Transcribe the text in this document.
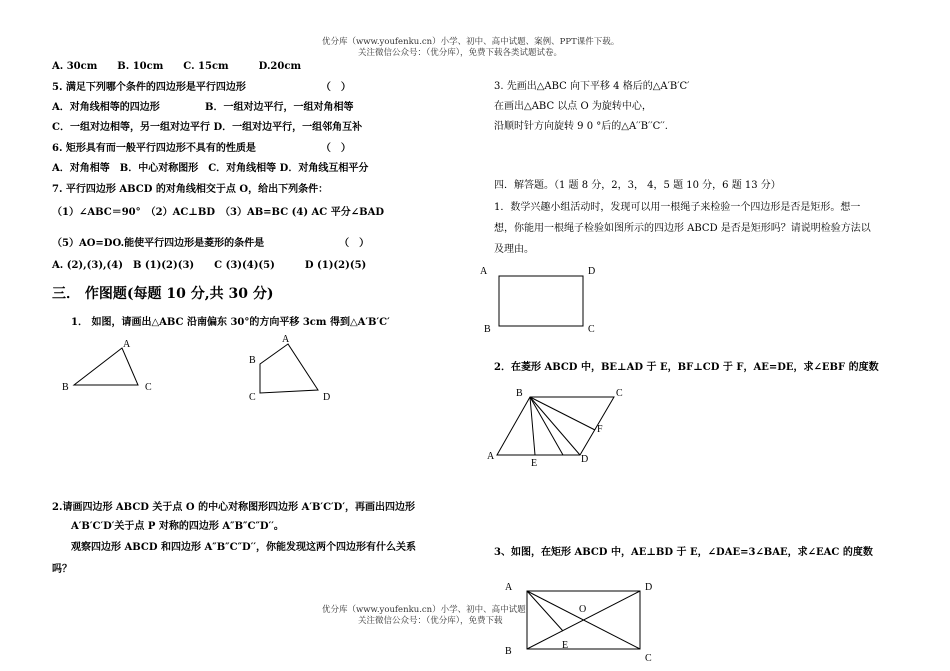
优分库（www.youfenku.cn）小学、初中、高中试题、案例、PPT课件下载。
关注微信公众号：（优分库），免费下载各类试题试卷。
A. 30cm　　B. 10cm　　C. 15cm　　　D.20cm
5. 满足下列哪个条件的四边形是平行四边形　　　　　　　　（　）
A．对角线相等的四边形	B．一组对边平行，一组对角相等
C．一组对边相等，另一组对边平行 D．一组对边平行，一组邻角互补
6. 矩形具有而一般平行四边形不具有的性质是　　　　　　　（　）
A．对角相等　B．中心对称图形　C．对角线相等 D．对角线互相平分
7. 平行四边形 ABCD 的对角线相交于点 O，给出下列条件：
（1）∠ABC＝90°　（2）AC⊥BD　（3）AB=BC (4) AC 平分∠BAD
（5）AO=DO.能使平行四边形是菱形的条件是　　　　　　　　（　）
A. (2),(3),(4)　B (1)(2)(3)　　C (3)(4)(5)　　　D (1)(2)(5)
三． 作图题(每题 10 分,共 30 分)
1． 如图，请画出△ABC 沿南偏东 30°的方向平移 3cm 得到△A′B′C′
A
B	C
A
B
C	D
2.请画四边形 ABCD 关于点 O 的中心对称图形四边形 A′B′C′D′，再画出四边形
A′B′C′D′关于点 P 对称的四边形 A″B″C″D′′。
观察四边形 ABCD 和四边形 A″B″C″D′′，你能发现这两个四边形有什么关系
吗？
3. 先画出△ABC 向下平移 4 格后的△A′B′C′
在画出△ABC 以点 O 为旋转中心，
沿顺时针方向旋转 9 0 °后的△A′′B′′C′′.
四．解答题。（1 题 8 分，2，3， 4，5 题 10 分，6 题 13 分）
1．数学兴趣小组活动时，发现可以用一根绳子来检验一个四边形是否是矩形。想一
想，你能用一根绳子检验如图所示的四边形 ABCD 是否是矩形吗？请说明检验方法以
及理由。
A	D
B	C
2．在菱形 ABCD 中，BE⊥AD 于 E，BF⊥CD 于 F，AE=DE，求∠EBF 的度数
B	C
F
A
E	D
3、如图，在矩形 ABCD 中，AE⊥BD 于 E，∠DAE=3∠BAE，求∠EAC 的度数
A	D
O
E
B
C
优分库（www.youfenku.cn）小学、初中、高中试题
关注微信公众号：（优分库），免费下载
